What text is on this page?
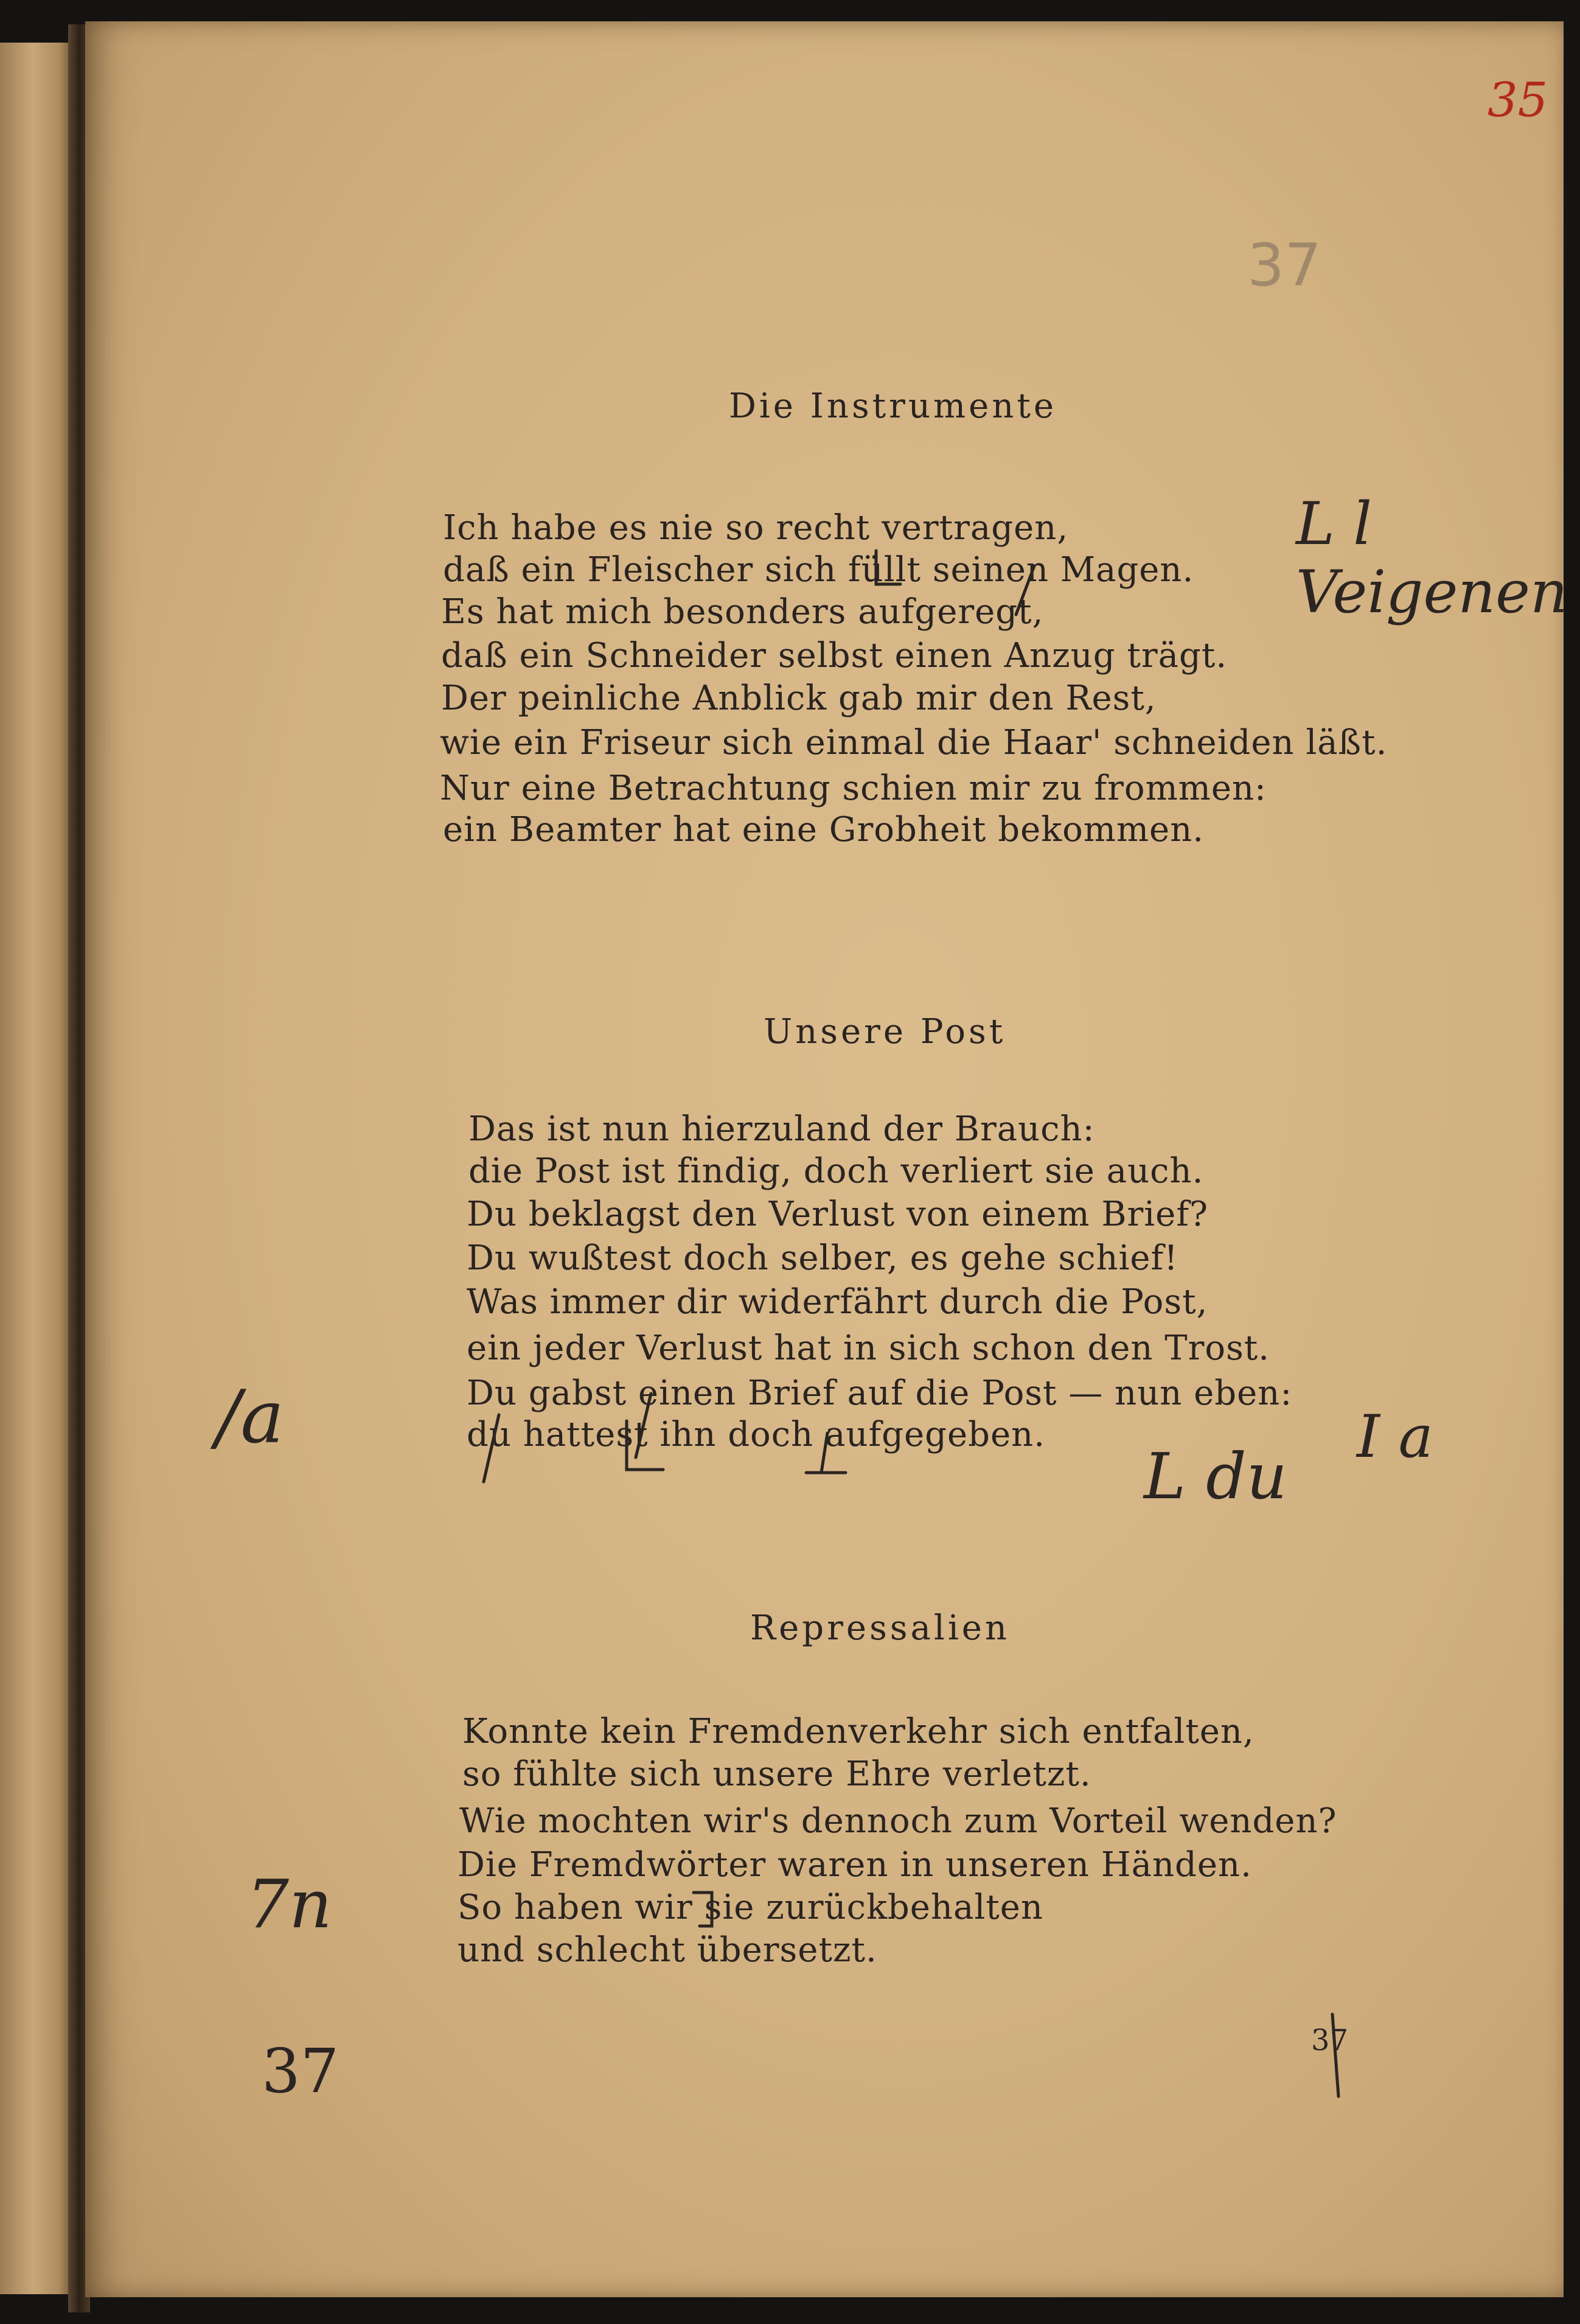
35
37
Die Instrumente
Ich habe es nie so recht vertragen,
daß ein Fleischer sich füllt seinen Magen.
Es hat mich besonders aufgeregt,
daß ein Schneider selbst einen Anzug trägt.
Der peinliche Anblick gab mir den Rest,
wie ein Friseur sich einmal die Haar' schneiden läßt.
Nur eine Betrachtung schien mir zu frommen:
ein Beamter hat eine Grobheit bekommen.
Unsere Post
Das ist nun hierzuland der Brauch:
die Post ist findig, doch verliert sie auch.
Du beklagst den Verlust von einem Brief?
Du wußtest doch selber, es gehe schief!
Was immer dir widerfährt durch die Post,
ein jeder Verlust hat in sich schon den Trost.
Du gabst einen Brief auf die Post — nun eben:
du hattest ihn doch aufgegeben.
Repressalien
Konnte kein Fremdenverkehr sich entfalten,
so fühlte sich unsere Ehre verletzt.
Wie mochten wir's dennoch zum Vorteil wenden?
Die Fremdwörter waren in unseren Händen.
So haben wir sie zurückbehalten
und schlecht übersetzt.
L l Veigenen
/a
L du
I a
7n
37	37
